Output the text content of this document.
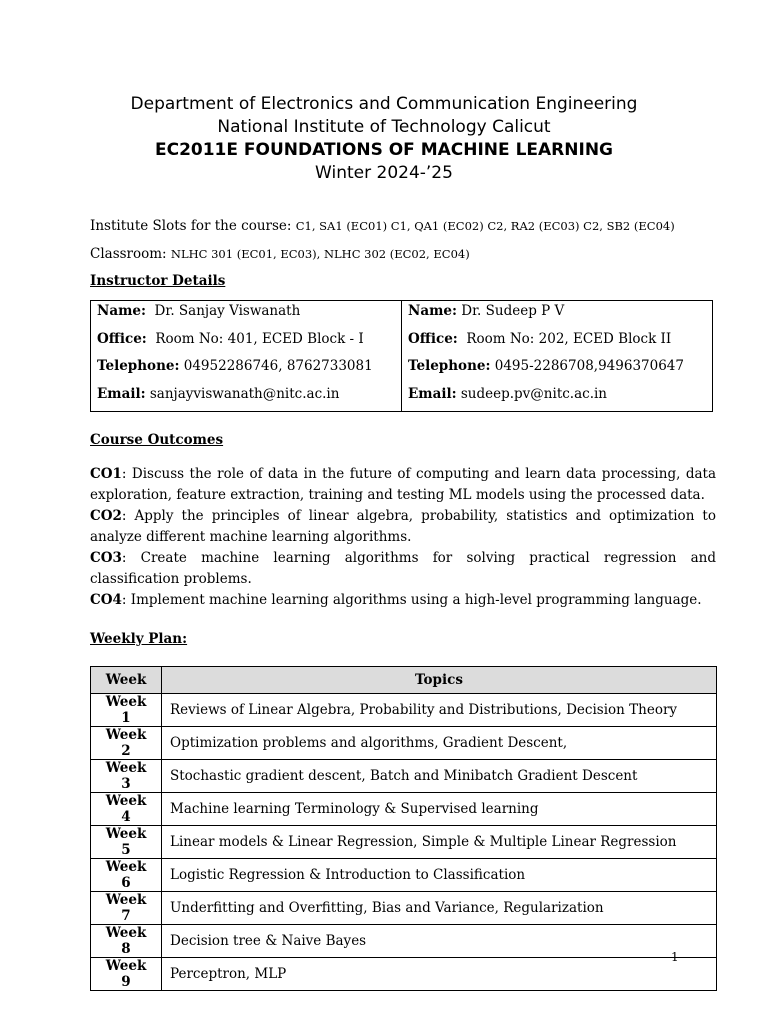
Department of Electronics and Communication Engineering
National Institute of Technology Calicut
EC2011E FOUNDATIONS OF MACHINE LEARNING
Winter 2024-’25
Institute Slots for the course: C1, SA1 (EC01) C1, QA1 (EC02) C2, RA2 (EC03) C2, SB2 (EC04)
Classroom: NLHC 301 (EC01, EC03), NLHC 302 (EC02, EC04)
Instructor Details
Name: Dr. Sanjay Viswanath
Office: Room No: 401, ECED Block - I
Telephone: 04952286746, 8762733081
Email: sanjayviswanath@nitc.ac.in

Name: Dr. Sudeep P V
Office: Room No: 202, ECED Block II
Telephone: 0495-2286708,9496370647
Email: sudeep.pv@nitc.ac.in
Course Outcomes

CO1: Discuss the role of data in the future of computing and learn data processing, data exploration, feature extraction, training and testing ML models using the processed data.

CO2: Apply the principles of linear algebra, probability, statistics and optimization to analyze different machine learning algorithms.

CO3: Create machine learning algorithms for solving practical regression and classification problems.

CO4: Implement machine learning algorithms using a high-level programming language.

Weekly Plan:
Week	Topics
Week 1	Reviews of Linear Algebra, Probability and Distributions, Decision Theory
Week 2	Optimization problems and algorithms, Gradient Descent,
Week 3	Stochastic gradient descent, Batch and Minibatch Gradient Descent
Week 4	Machine learning Terminology & Supervised learning
Week 5	Linear models & Linear Regression, Simple & Multiple Linear Regression
Week 6	Logistic Regression & Introduction to Classification
Week 7	Underfitting and Overfitting, Bias and Variance, Regularization
Week 8	Decision tree & Naive Bayes
Week 9	Perceptron, MLP
1
